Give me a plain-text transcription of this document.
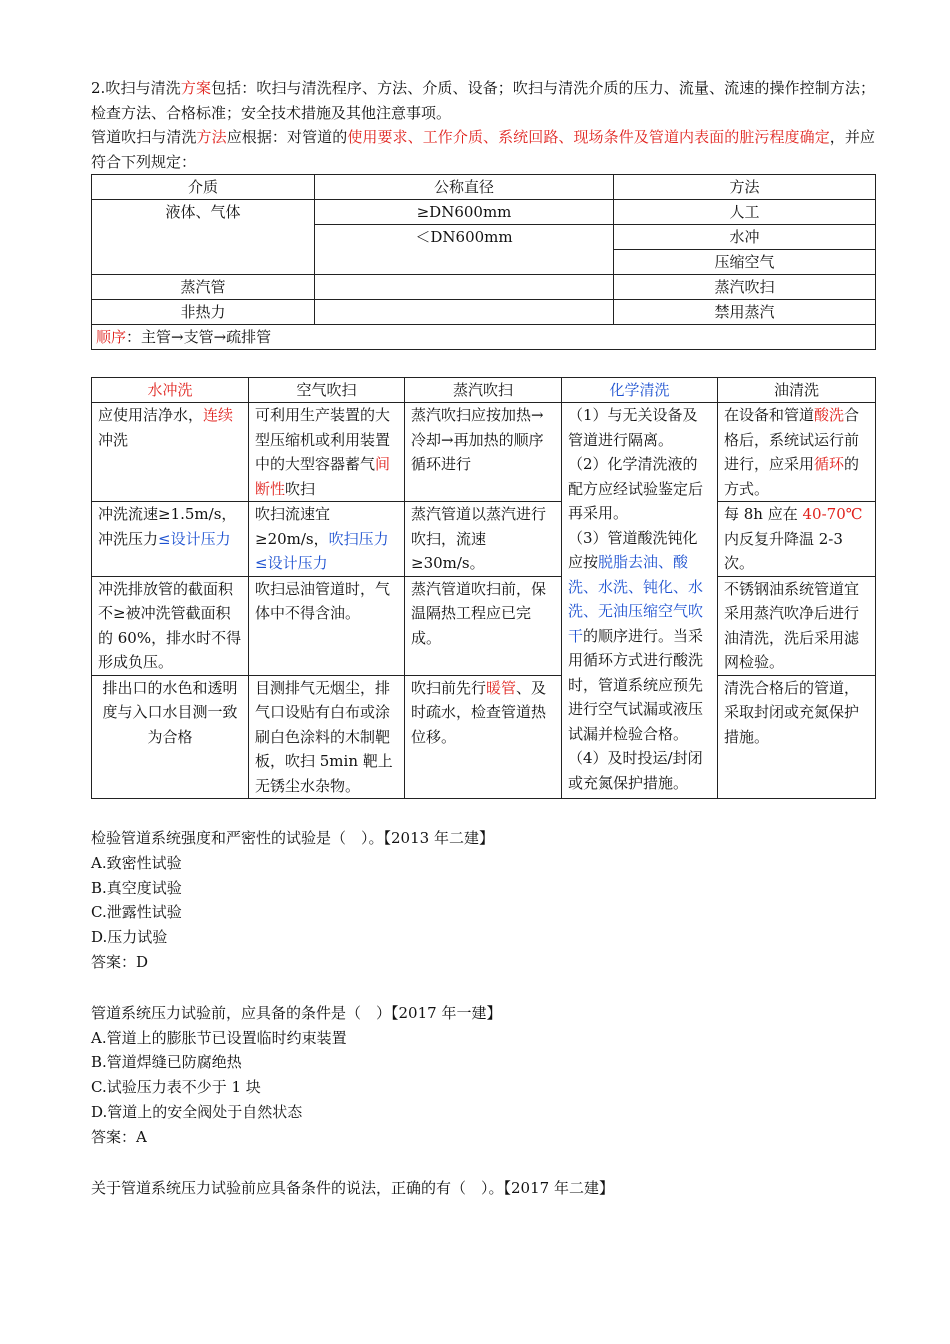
2.吹扫与清洗方案包括：吹扫与清洗程序、方法、介质、设备；吹扫与清洗介质的压力、流量、流速的操作控制方法；检查方法、合格标准；安全技术措施及其他注意事项。

管道吹扫与清洗方法应根据：对管道的使用要求、工作介质、系统回路、现场条件及管道内表面的脏污程度确定，并应符合下列规定：

介质	公称直径	方法
液体、气体	≥DN600mm	人工
	＜DN600mm	水冲
		压缩空气
蒸汽管		蒸汽吹扫
非热力		禁用蒸汽
顺序：主管→支管→疏排管		
水冲洗	空气吹扫	蒸汽吹扫	化学清洗	油清洗
应使用洁净水，连续冲洗	可利用生产装置的大型压缩机或利用装置中的大型容器蓄气间断性吹扫	蒸汽吹扫应按加热→冷却→再加热的顺序循环进行	（1）与无关设备及管道进行隔离。
（2）化学清洗液的配方应经试验鉴定后再采用。
（3）管道酸洗钝化应按脱脂去油、酸洗、水洗、钝化、水洗、无油压缩空气吹干的顺序进行。当采用循环方式进行酸洗时，管道系统应预先进行空气试漏或液压试漏并检验合格。
（4）及时投运/封闭或充氮保护措施。	在设备和管道酸洗合格后，系统试运行前进行，应采用循环的方式。
冲洗流速≥1.5m/s，冲洗压力≤设计压力	吹扫流速宜≥20m/s，吹扫压力≤设计压力	蒸汽管道以蒸汽进行吹扫，流速≥30m/s。		每 8h 应在 40-70℃内反复升降温 2-3 次。
冲洗排放管的截面积不≥被冲洗管截面积的 60%，排水时不得形成负压。	吹扫忌油管道时，气体中不得含油。	蒸汽管道吹扫前，保温隔热工程应已完成。		不锈钢油系统管道宜采用蒸汽吹净后进行油清洗，洗后采用滤网检验。
排出口的水色和透明度与入口水目测一致为合格	目测排气无烟尘，排气口设贴有白布或涂刷白色涂料的木制靶板，吹扫 5min 靶上无锈尘水杂物。	吹扫前先行暖管、及时疏水，检查管道热位移。		清洗合格后的管道，采取封闭或充氮保护措施。

检验管道系统强度和严密性的试验是（　）。【2013 年二建】

A.致密性试验

B.真空度试验

C.泄露性试验

D.压力试验

答案：D

管道系统压力试验前，应具备的条件是（　）【2017 年一建】

A.管道上的膨胀节已设置临时约束装置

B.管道焊缝已防腐绝热

C.试验压力表不少于 1 块

D.管道上的安全阀处于自然状态

答案：A

关于管道系统压力试验前应具备条件的说法，正确的有（　）。【2017 年二建】
